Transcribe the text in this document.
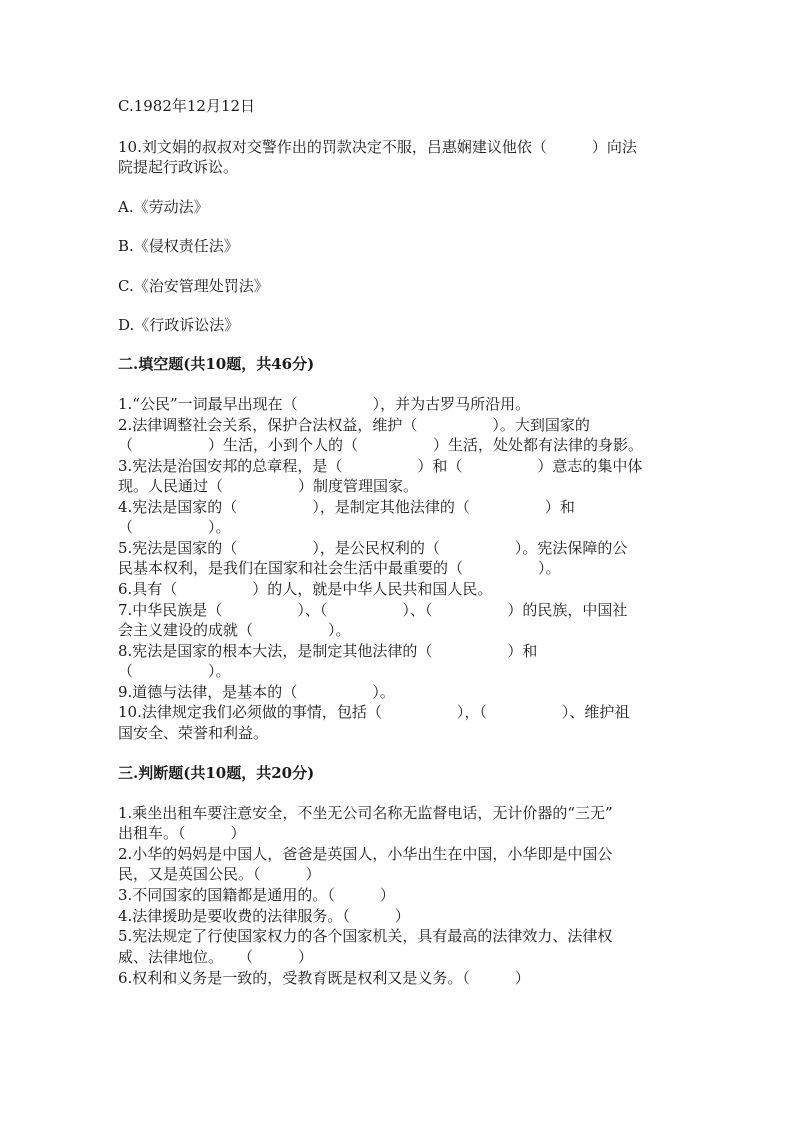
C.1982年12月12日
10.刘文娟的叔叔对交警作出的罚款决定不服，吕惠娴建议他依（　　　）向法
院提起行政诉讼。
A.《劳动法》
B.《侵权责任法》
C.《治安管理处罚法》
D.《行政诉讼法》
二.填空题(共10题，共46分)
1.“公民”一词最早出现在（　　　　　），并为古罗马所沿用。
2.法律调整社会关系，保护合法权益，维护（　　　　　）。大到国家的
（　　　　　）生活，小到个人的（　　　　　）生活，处处都有法律的身影。
3.宪法是治国安邦的总章程，是（　　　　　）和（　　　　　）意志的集中体
现。人民通过（　　　　　）制度管理国家。
4.宪法是国家的（　　　　　），是制定其他法律的（　　　　　）和
（　　　　　）。
5.宪法是国家的（　　　　　），是公民权利的（　　　　　）。宪法保障的公
民基本权利，是我们在国家和社会生活中最重要的（　　　　　）。
6.具有（　　　　　）的人，就是中华人民共和国人民。
7.中华民族是（　　　　　）、（　　　　　）、（　　　　　）的民族，中国社
会主义建设的成就（　　　　　）。
8.宪法是国家的根本大法，是制定其他法律的（　　　　　）和
（　　　　　）。
9.道德与法律，是基本的（　　　　　）。
10.法律规定我们必须做的事情，包括（　　　　　），（　　　　　）、维护祖
国安全、荣誉和利益。
三.判断题(共10题，共20分)
1.乘坐出租车要注意安全，不坐无公司名称无监督电话，无计价器的“三无”
出租车。（　　　）
2.小华的妈妈是中国人，爸爸是英国人，小华出生在中国，小华即是中国公
民，又是英国公民。（　　　）
3.不同国家的国籍都是通用的。（　　　）
4.法律援助是要收费的法律服务。（　　　）
5.宪法规定了行使国家权力的各个国家机关，具有最高的法律效力、法律权
威、法律地位。　　（　　　）
6.权利和义务是一致的，受教育既是权利又是义务。（　　　）
